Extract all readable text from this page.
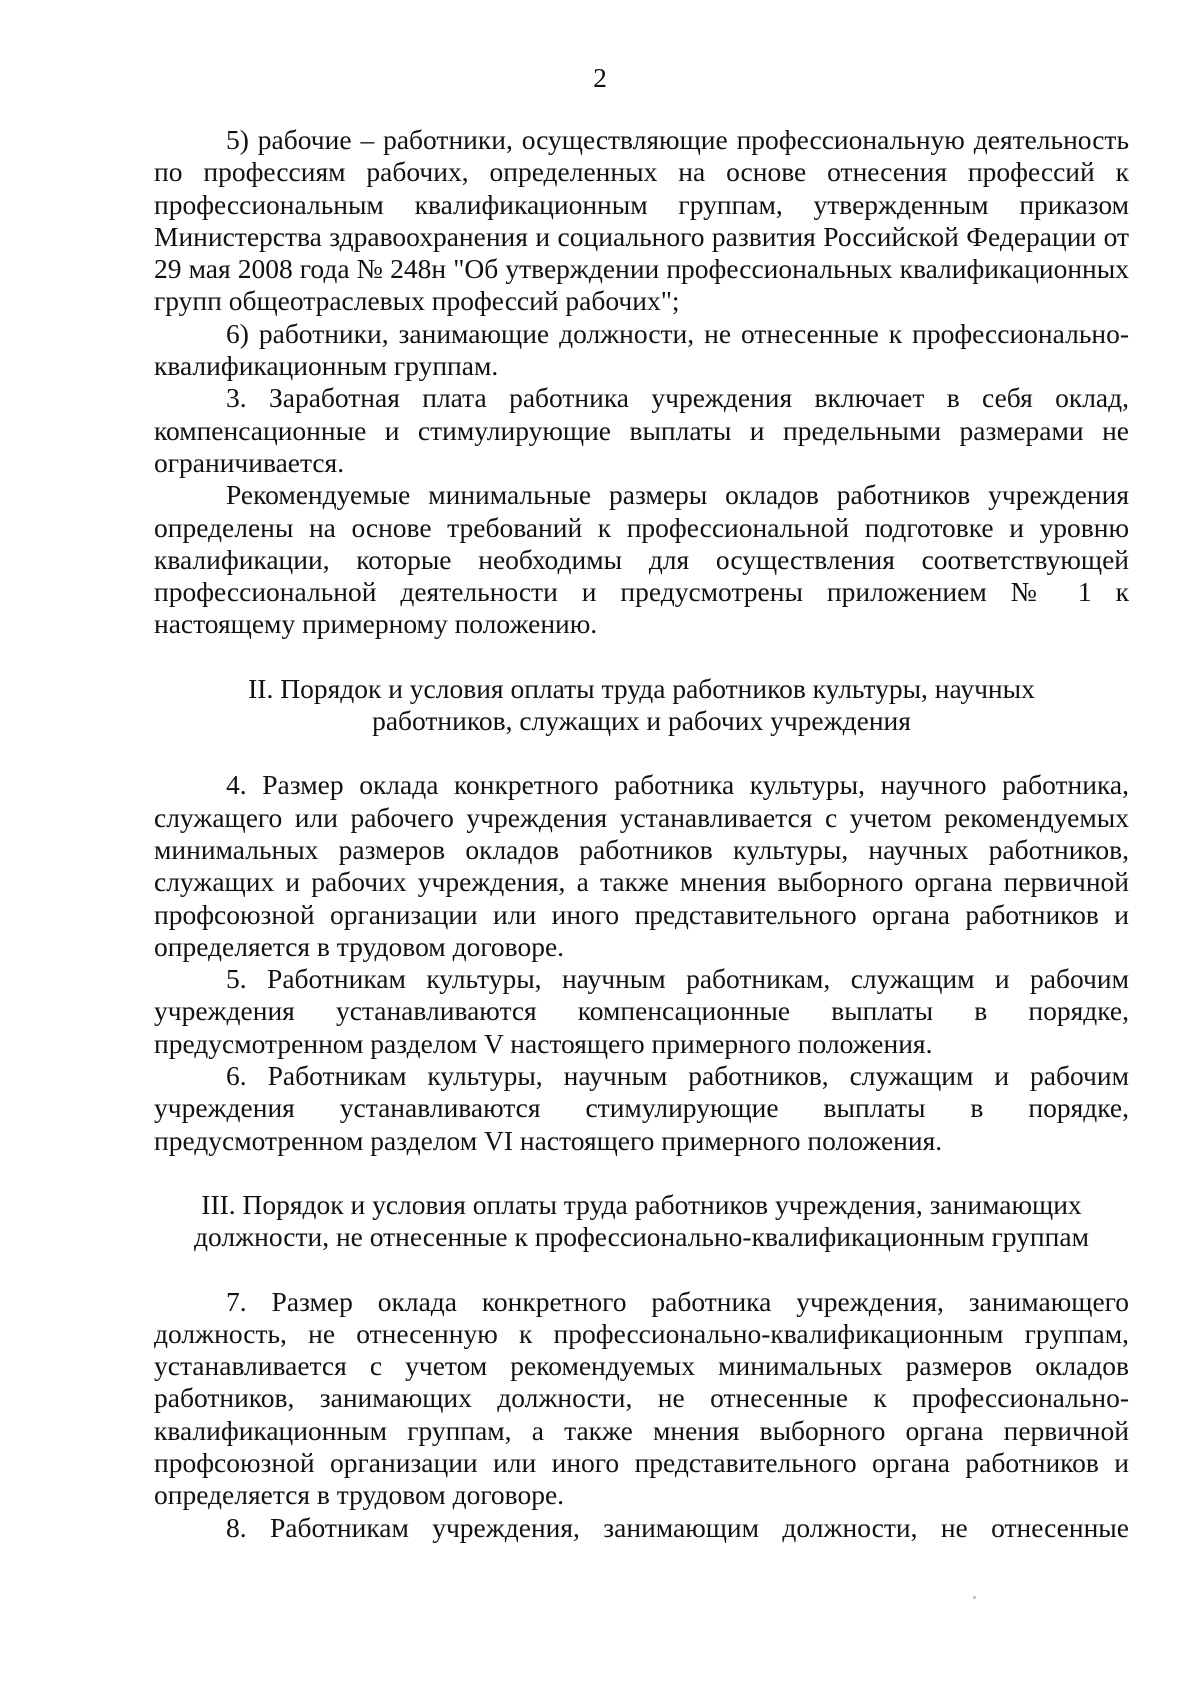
2

5) рабочие – работники, осуществляющие профессиональную деятельность по профессиям рабочих, определенных на основе отнесения профессий к профессиональным квалификационным группам, утвержденным приказом Министерства здравоохранения и социального развития Российской Федерации от 29 мая 2008 года № 248н "Об утверждении профессиональных квалификационных групп общеотраслевых профессий рабочих";

6) работники, занимающие должности, не отнесенные к профессионально-квалификационным группам.

3. Заработная плата работника учреждения включает в себя оклад, компенсационные и стимулирующие выплаты и предельными размерами не ограничивается.

Рекомендуемые минимальные размеры окладов работников учреждения определены на основе требований к профессиональной подготовке и уровню квалификации, которые необходимы для осуществления соответствующей профессиональной деятельности и предусмотрены приложением № 1 к настоящему примерному положению.

II. Порядок и условия оплаты труда работников культуры, научных
работников, служащих и рабочих учреждения

4. Размер оклада конкретного работника культуры, научного работника, служащего или рабочего учреждения устанавливается с учетом рекомендуемых минимальных размеров окладов работников культуры, научных работников, служащих и рабочих учреждения, а также мнения выборного органа первичной профсоюзной организации или иного представительного органа работников и определяется в трудовом договоре.

5. Работникам культуры, научным работникам, служащим и рабочим учреждения устанавливаются компенсационные выплаты в порядке, предусмотренном разделом V настоящего примерного положения.

6. Работникам культуры, научным работников, служащим и рабочим учреждения устанавливаются стимулирующие выплаты в порядке, предусмотренном разделом VI настоящего примерного положения.

III. Порядок и условия оплаты труда работников учреждения, занимающих
должности, не отнесенные к профессионально-квалификационным группам

7. Размер оклада конкретного работника учреждения, занимающего должность, не отнесенную к профессионально-квалификационным группам, устанавливается с учетом рекомендуемых минимальных размеров окладов работников, занимающих должности, не отнесенные к профессионально-квалификационным группам, а также мнения выборного органа первичной профсоюзной организации или иного представительного органа работников и определяется в трудовом договоре.

8. Работникам учреждения, занимающим должности, не отнесенные
